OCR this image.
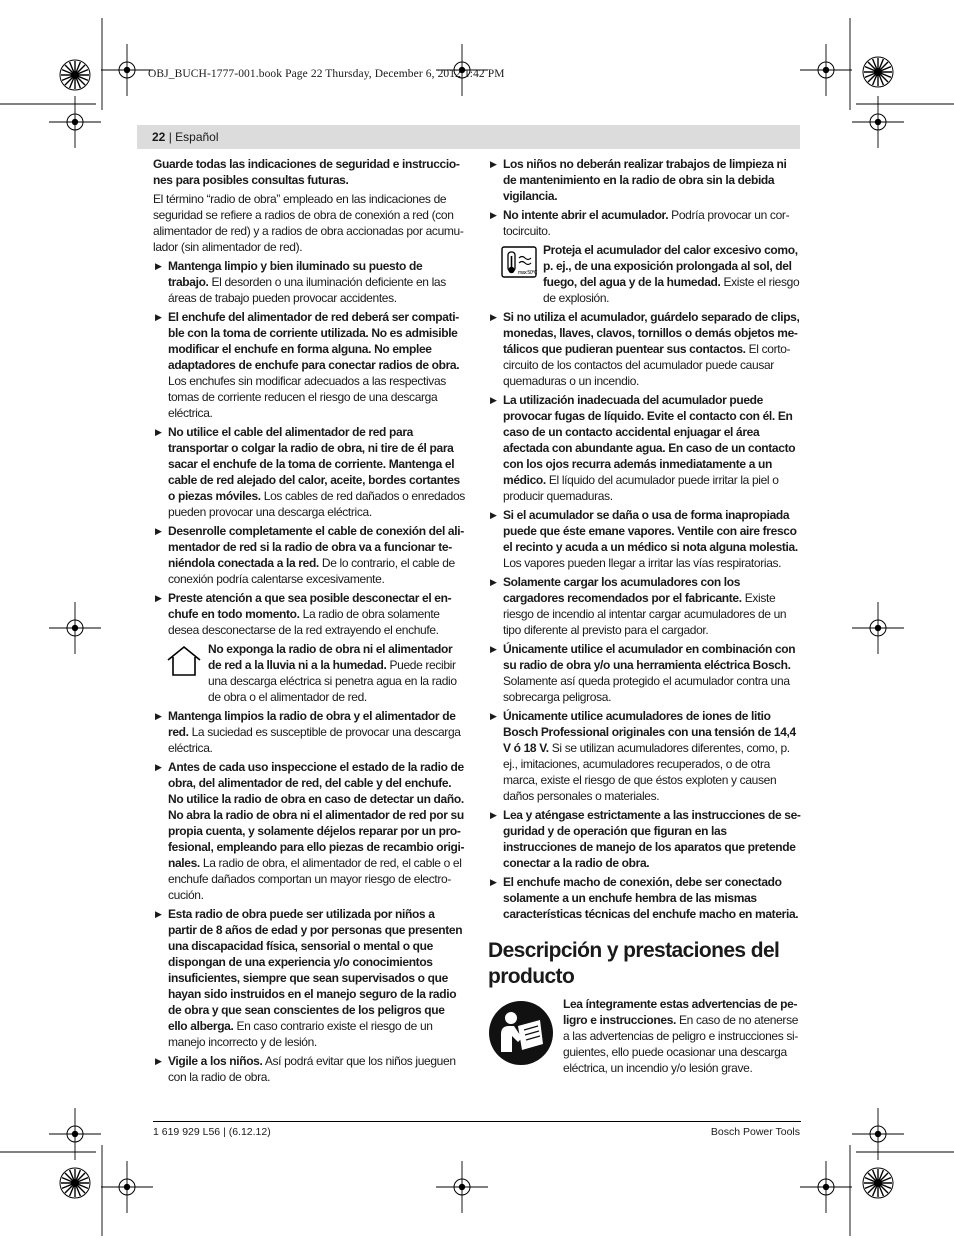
OBJ_BUCH-1777-001.book Page 22 Thursday, December 6, 2012 1:42 PM
22 | Español
Guarde todas las indicaciones de seguridad e instrucciones para posibles consultas futuras.
El término “radio de obra” empleado en las indicaciones de seguridad se refiere a radios de obra de conexión a red (con alimentador de red) y a radios de obra accionadas por acumulador (sin alimentador de red).
▶ Mantenga limpio y bien iluminado su puesto de trabajo. El desorden o una iluminación deficiente en las áreas de trabajo pueden provocar accidentes.
▶ El enchufe del alimentador de red deberá ser compatible con la toma de corriente utilizada. No es admisible modificar el enchufe en forma alguna. No emplee adaptadores de enchufe para conectar radios de obra. Los enchufes sin modificar adecuados a las respectivas tomas de corriente reducen el riesgo de una descarga eléctrica.
▶ No utilice el cable del alimentador de red para transportar o colgar la radio de obra, ni tire de él para sacar el enchufe de la toma de corriente. Mantenga el cable de red alejado del calor, aceite, bordes cortantes o piezas móviles. Los cables de red dañados o enredados pueden provocar una descarga eléctrica.
▶ Desenrolle completamente el cable de conexión del alimentador de red si la radio de obra va a funcionar teniéndola conectada a la red. De lo contrario, el cable de conexión podría calentarse excesivamente.
▶ Preste atención a que sea posible desconectar el enchufe en todo momento. La radio de obra solamente desea desconectarse de la red extrayendo el enchufe.
No exponga la radio de obra ni el alimentador de red a la lluvia ni a la humedad. Puede recibir una descarga eléctrica si penetra agua en la radio de obra o el alimentador de red.
▶ Mantenga limpios la radio de obra y el alimentador de red. La suciedad es susceptible de provocar una descarga eléctrica.
▶ Antes de cada uso inspeccione el estado de la radio de obra, del alimentador de red, del cable y del enchufe. No utilice la radio de obra en caso de detectar un daño. No abra la radio de obra ni el alimentador de red por su propia cuenta, y solamente déjelos reparar por un profesional, empleando para ello piezas de recambio originales. La radio de obra, el alimentador de red, el cable o el enchufe dañados comportan un mayor riesgo de electrocución.
▶ Esta radio de obra puede ser utilizada por niños a partir de 8 años de edad y por personas que presenten una discapacidad física, sensorial o mental o que dispongan de una experiencia y/o conocimientos insuficientes, siempre que sean supervisados o que hayan sido instruidos en el manejo seguro de la radio de obra y que sean conscientes de los peligros que ello alberga. En caso contrario existe el riesgo de un manejo incorrecto y de lesión.
▶ Vigile a los niños. Así podrá evitar que los niños jueguen con la radio de obra.
▶ Los niños no deberán realizar trabajos de limpieza ni de mantenimiento en la radio de obra sin la debida vigilancia.
▶ No intente abrir el acumulador. Podría provocar un cortocircuito.
max 50°C
Proteja el acumulador del calor excesivo como, p. ej., de una exposición prolongada al sol, del fuego, del agua y de la humedad. Existe el riesgo de explosión.
▶ Si no utiliza el acumulador, guárdelo separado de clips, monedas, llaves, clavos, tornillos o demás objetos metálicos que pudieran puentear sus contactos. El cortocircuito de los contactos del acumulador puede causar quemaduras o un incendio.
▶ La utilización inadecuada del acumulador puede provocar fugas de líquido. Evite el contacto con él. En caso de un contacto accidental enjuagar el área afectada con abundante agua. En caso de un contacto con los ojos recurra además inmediatamente a un médico. El líquido del acumulador puede irritar la piel o producir quemaduras.
▶ Si el acumulador se daña o usa de forma inapropiada puede que éste emane vapores. Ventile con aire fresco el recinto y acuda a un médico si nota alguna molestia. Los vapores pueden llegar a irritar las vías respiratorias.
▶ Solamente cargar los acumuladores con los cargadores recomendados por el fabricante. Existe riesgo de incendio al intentar cargar acumuladores de un tipo diferente al previsto para el cargador.
▶ Únicamente utilice el acumulador en combinación con su radio de obra y/o una herramienta eléctrica Bosch. Solamente así queda protegido el acumulador contra una sobrecarga peligrosa.
▶ Únicamente utilice acumuladores de iones de litio Bosch Professional originales con una tensión de 14,4 V ó 18 V. Si se utilizan acumuladores diferentes, como, p. ej., imitaciones, acumuladores recuperados, o de otra marca, existe el riesgo de que éstos exploten y causen daños personales o materiales.
▶ Lea y aténgase estrictamente a las instrucciones de seguridad y de operación que figuran en las instrucciones de manejo de los aparatos que pretende conectar a la radio de obra.
▶ El enchufe macho de conexión, debe ser conectado solamente a un enchufe hembra de las mismas características técnicas del enchufe macho en materia.
Descripción y prestaciones del producto
Lea íntegramente estas advertencias de peligro e instrucciones. En caso de no atenerse a las advertencias de peligro e instrucciones siguientes, ello puede ocasionar una descarga eléctrica, un incendio y/o lesión grave.
1 619 929 L56 | (6.12.12)	Bosch Power Tools
